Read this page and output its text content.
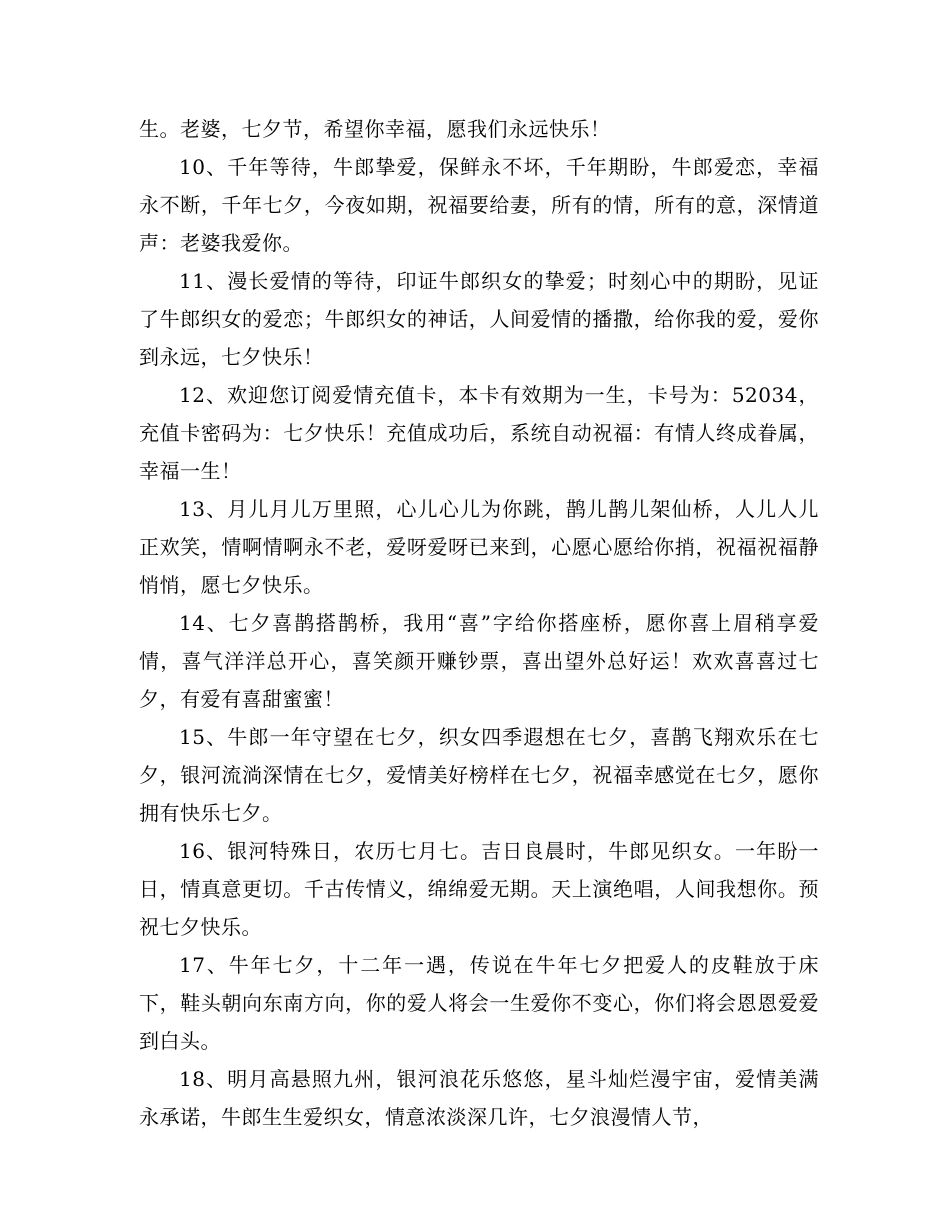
生。老婆，七夕节，希望你幸福，愿我们永远快乐！

10、千年等待，牛郎挚爱，保鲜永不坏，千年期盼，牛郎爱恋，幸福永不断，千年七夕，今夜如期，祝福要给妻，所有的情，所有的意，深情道声：老婆我爱你。

11、漫长爱情的等待，印证牛郎织女的挚爱；时刻心中的期盼，见证了牛郎织女的爱恋；牛郎织女的神话，人间爱情的播撒，给你我的爱，爱你到永远，七夕快乐！

12、欢迎您订阅爱情充值卡，本卡有效期为一生，卡号为：52034，充值卡密码为：七夕快乐！充值成功后，系统自动祝福：有情人终成眷属，幸福一生！

13、月儿月儿万里照，心儿心儿为你跳，鹊儿鹊儿架仙桥，人儿人儿正欢笑，情啊情啊永不老，爱呀爱呀已来到，心愿心愿给你捎，祝福祝福静悄悄，愿七夕快乐。

14、七夕喜鹊搭鹊桥，我用“喜”字给你搭座桥，愿你喜上眉稍享爱情，喜气洋洋总开心，喜笑颜开赚钞票，喜出望外总好运！欢欢喜喜过七夕，有爱有喜甜蜜蜜！

15、牛郎一年守望在七夕，织女四季遐想在七夕，喜鹊飞翔欢乐在七夕，银河流淌深情在七夕，爱情美好榜样在七夕，祝福幸感觉在七夕，愿你拥有快乐七夕。

16、银河特殊日，农历七月七。吉日良晨时，牛郎见织女。一年盼一日，情真意更切。千古传情义，绵绵爱无期。天上演绝唱，人间我想你。预祝七夕快乐。

17、牛年七夕，十二年一遇，传说在牛年七夕把爱人的皮鞋放于床下，鞋头朝向东南方向，你的爱人将会一生爱你不变心，你们将会恩恩爱爱到白头。

18、明月高悬照九州，银河浪花乐悠悠，星斗灿烂漫宇宙，爱情美满永承诺，牛郎生生爱织女，情意浓淡深几许，七夕浪漫情人节，
